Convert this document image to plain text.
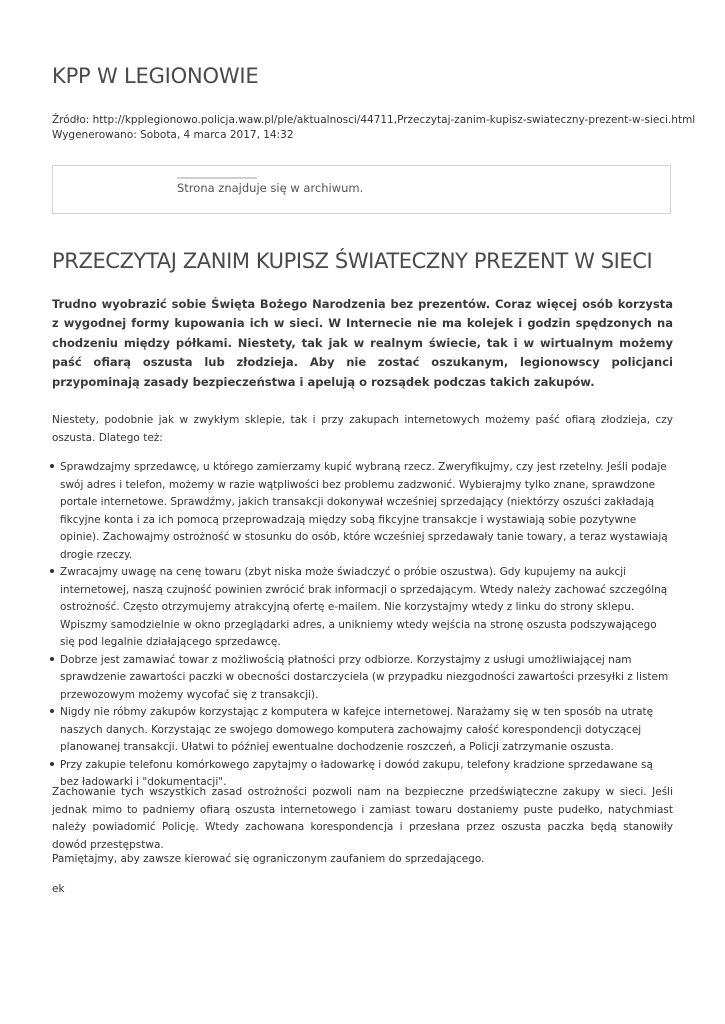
KPP W LEGIONOWIE
Źródło: http://kpplegionowo.policja.waw.pl/ple/aktualnosci/44711,Przeczytaj-zanim-kupisz-swiateczny-prezent-w-sieci.html
Wygenerowano: Sobota, 4 marca 2017, 14:32
Strona znajduje się w archiwum.
PRZECZYTAJ ZANIM KUPISZ ŚWIATECZNY PREZENT W SIECI
Trudno wyobrazić sobie Święta Bożego Narodzenia bez prezentów. Coraz więcej osób korzysta z wygodnej formy kupowania ich w sieci. W Internecie nie ma kolejek i godzin spędzonych na chodzeniu między półkami. Niestety, tak jak w realnym świecie, tak i w wirtualnym możemy paść ofiarą oszusta lub złodzieja. Aby nie zostać oszukanym, legionowscy policjanci przypominają zasady bezpieczeństwa i apelują o rozsądek podczas takich zakupów.
Niestety, podobnie jak w zwykłym sklepie, tak i przy zakupach internetowych możemy paść ofiarą złodzieja, czy oszusta. Dlatego też:
Sprawdzajmy sprzedawcę, u którego zamierzamy kupić wybraną rzecz. Zweryfikujmy, czy jest rzetelny. Jeśli podaje swój adres i telefon, możemy w razie wątpliwości bez problemu zadzwonić. Wybierajmy tylko znane, sprawdzone portale internetowe. Sprawdźmy, jakich transakcji dokonywał wcześniej sprzedający (niektórzy oszuści zakładają fikcyjne konta i za ich pomocą przeprowadzają między sobą fikcyjne transakcje i wystawiają sobie pozytywne opinie). Zachowajmy ostrożność w stosunku do osób, które wcześniej sprzedawały tanie towary, a teraz wystawiają drogie rzeczy.
Zwracajmy uwagę na cenę towaru (zbyt niska może świadczyć o próbie oszustwa). Gdy kupujemy na aukcji internetowej, naszą czujność powinien zwrócić brak informacji o sprzedającym. Wtedy należy zachować szczególną ostrożność. Często otrzymujemy atrakcyjną ofertę e-mailem. Nie korzystajmy wtedy z linku do strony sklepu. Wpiszmy samodzielnie w okno przeglądarki adres, a unikniemy wtedy wejścia na stronę oszusta podszywającego się pod legalnie działającego sprzedawcę.
Dobrze jest zamawiać towar z możliwością płatności przy odbiorze. Korzystajmy z usługi umożliwiającej nam sprawdzenie zawartości paczki w obecności dostarczyciela (w przypadku niezgodności zawartości przesyłki z listem przewozowym możemy wycofać się z transakcji).
Nigdy nie róbmy zakupów korzystając z komputera w kafejce internetowej. Narażamy się w ten sposób na utratę naszych danych. Korzystając ze swojego domowego komputera zachowajmy całość korespondencji dotyczącej planowanej transakcji. Ułatwi to później ewentualne dochodzenie roszczeń, a Policji zatrzymanie oszusta.
Przy zakupie telefonu komórkowego zapytajmy o ładowarkę i dowód zakupu, telefony kradzione sprzedawane są bez ładowarki i "dokumentacji".
Zachowanie tych wszystkich zasad ostrożności pozwoli nam na bezpieczne przedświąteczne zakupy w sieci. Jeśli jednak mimo to padniemy ofiarą oszusta internetowego i zamiast towaru dostaniemy puste pudełko, natychmiast należy powiadomić Policję. Wtedy zachowana korespondencja i przesłana przez oszusta paczka będą stanowiły dowód przestępstwa.
Pamiętajmy, aby zawsze kierować się ograniczonym zaufaniem do sprzedającego.
ek
